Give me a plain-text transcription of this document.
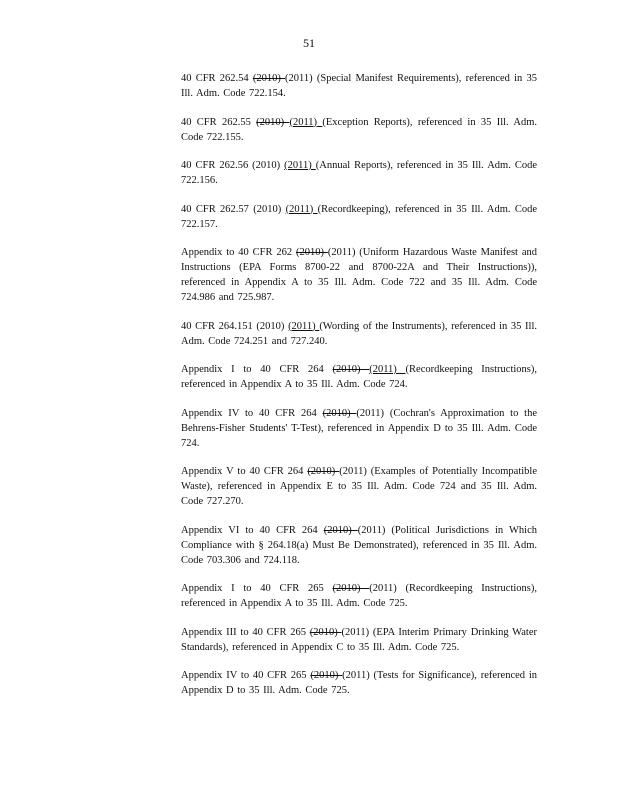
51

40 CFR 262.54 (2010) (2011) (Special Manifest Requirements), referenced in 35 Ill. Adm. Code 722.154.

40 CFR 262.55 (2010) (2011) (Exception Reports), referenced in 35 Ill. Adm. Code 722.155.

40 CFR 262.56 (2010) (2011) (Annual Reports), referenced in 35 Ill. Adm. Code 722.156.

40 CFR 262.57 (2010) (2011) (Recordkeeping), referenced in 35 Ill. Adm. Code 722.157.

Appendix to 40 CFR 262 (2010) (2011) (Uniform Hazardous Waste Manifest and Instructions (EPA Forms 8700-22 and 8700-22A and Their Instructions)), referenced in Appendix A to 35 Ill. Adm. Code 722 and 35 Ill. Adm. Code 724.986 and 725.987.

40 CFR 264.151 (2010) (2011) (Wording of the Instruments), referenced in 35 Ill. Adm. Code 724.251 and 727.240.

Appendix I to 40 CFR 264 (2010) (2011) (Recordkeeping Instructions), referenced in Appendix A to 35 Ill. Adm. Code 724.

Appendix IV to 40 CFR 264 (2010) (2011) (Cochran's Approximation to the Behrens-Fisher Students' T-Test), referenced in Appendix D to 35 Ill. Adm. Code 724.

Appendix V to 40 CFR 264 (2010) (2011) (Examples of Potentially Incompatible Waste), referenced in Appendix E to 35 Ill. Adm. Code 724 and 35 Ill. Adm. Code 727.270.

Appendix VI to 40 CFR 264 (2010) (2011) (Political Jurisdictions in Which Compliance with § 264.18(a) Must Be Demonstrated), referenced in 35 Ill. Adm. Code 703.306 and 724.118.

Appendix I to 40 CFR 265 (2010) (2011) (Recordkeeping Instructions), referenced in Appendix A to 35 Ill. Adm. Code 725.

Appendix III to 40 CFR 265 (2010) (2011) (EPA Interim Primary Drinking Water Standards), referenced in Appendix C to 35 Ill. Adm. Code 725.

Appendix IV to 40 CFR 265 (2010) (2011) (Tests for Significance), referenced in Appendix D to 35 Ill. Adm. Code 725.
